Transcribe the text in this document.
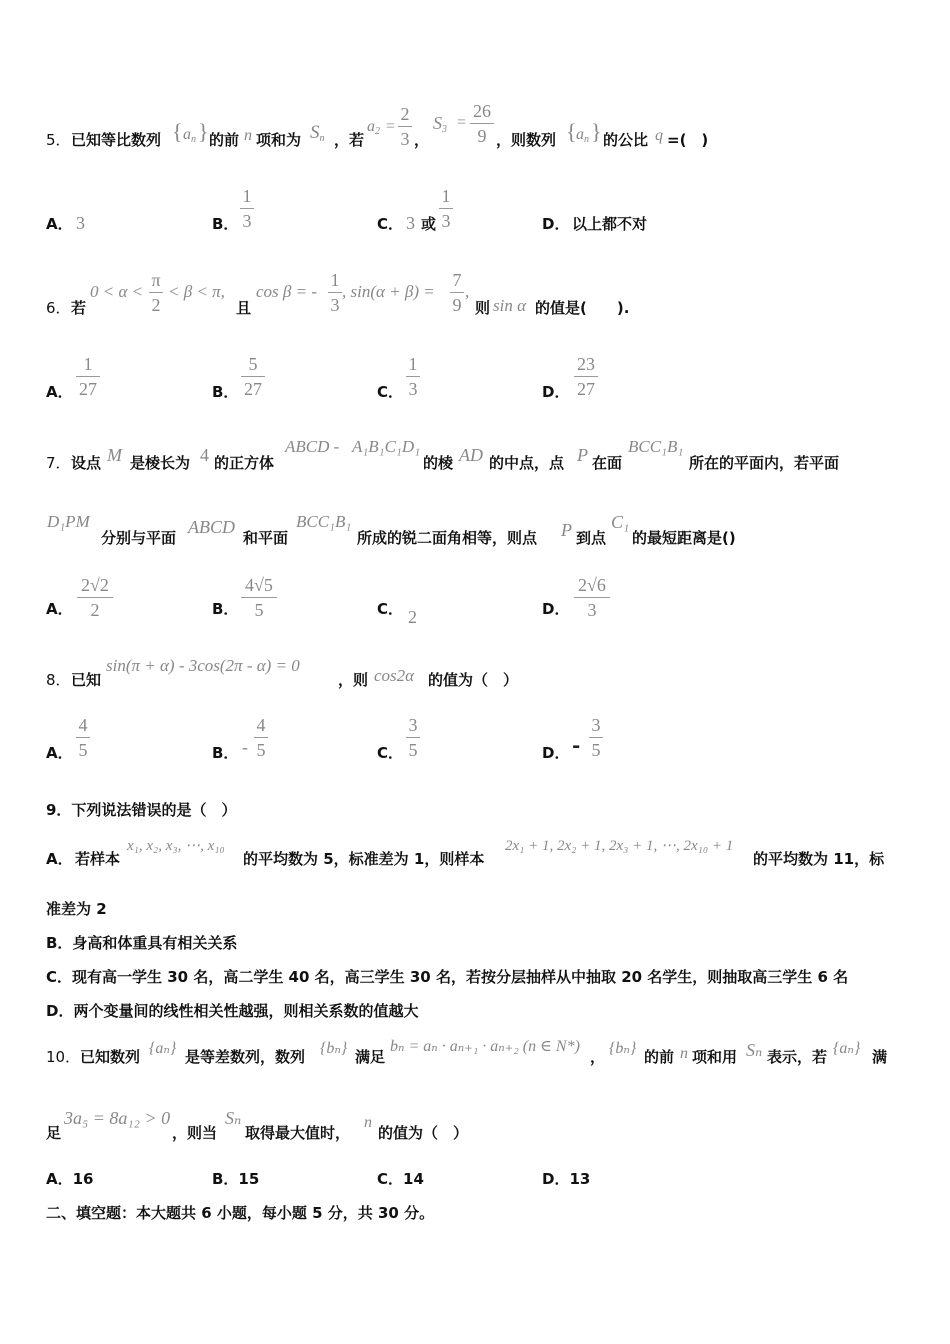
5． 已知等比数列 { $a_n$ } 的前 n 项和为 $S_n$ ，若
$a_2$ =
2
3 ，
$S_3$ =
26
9 ，则数列 { $a_n$ } 的公比 q =(　)
A． 3	B．
1
3	C． 3 或
1
3	D． 以上都不对
6． 若
0 < α <
π
2
< β < π,
且
cos β = -
1
3
, sin(α + β) =
7
9
,
则 sin α 的值是(　　).
A．
1
27	B．
5
27	C．
1
3	D．
23
27
7． 设点 M 是棱长为 4 的正方体
ABCD - A₁B₁C₁D₁
的棱 AD 的中点，点 P 在面
BCC₁B₁
所在的平面内，若平面
D₁PM
分别与平面
ABCD
和平面
BCC₁B₁
所成的锐二面角相等，则点 P 到点
C₁
的最短距离是()
A．
2√2
2	B．
4√5
5	C． 2	D．
2√6
3
8． 已知
sin(π + α) - 3cos(2π - α) = 0
，则 cos2α 的值为（　）
A．
4
5	B． -
4
5	C．
3
5	D． -
3
5
9．下列说法错误的是（　）
A． 若样本
x₁, x₂, x₃, ⋯, x₁₀
的平均数为 5，标准差为 1，则样本
2x₁ + 1, 2x₂ + 1, 2x₃ + 1, ⋯, 2x₁₀ + 1
的平均数为 11，标
准差为 2
B．身高和体重具有相关关系
C．现有高一学生 30 名，高二学生 40 名，高三学生 30 名，若按分层抽样从中抽取 20 名学生，则抽取高三学生 6 名
D．两个变量间的线性相关性越强，则相关系数的值越大
10． 已知数列 {aₙ} 是等差数列，数列 {bₙ} 满足
bₙ = aₙ · aₙ₊₁ · aₙ₊₂ (n ∈ N*)
， {bₙ} 的前 n 项和用 Sₙ 表示，若 {aₙ} 满
足
3a₅ = 8a₁₂ > 0
，则当
Sₙ
取得最大值时，
n
的值为（　）
A．16	B．15	C．14	D．13
二、填空题：本大题共 6 小题，每小题 5 分，共 30 分。
